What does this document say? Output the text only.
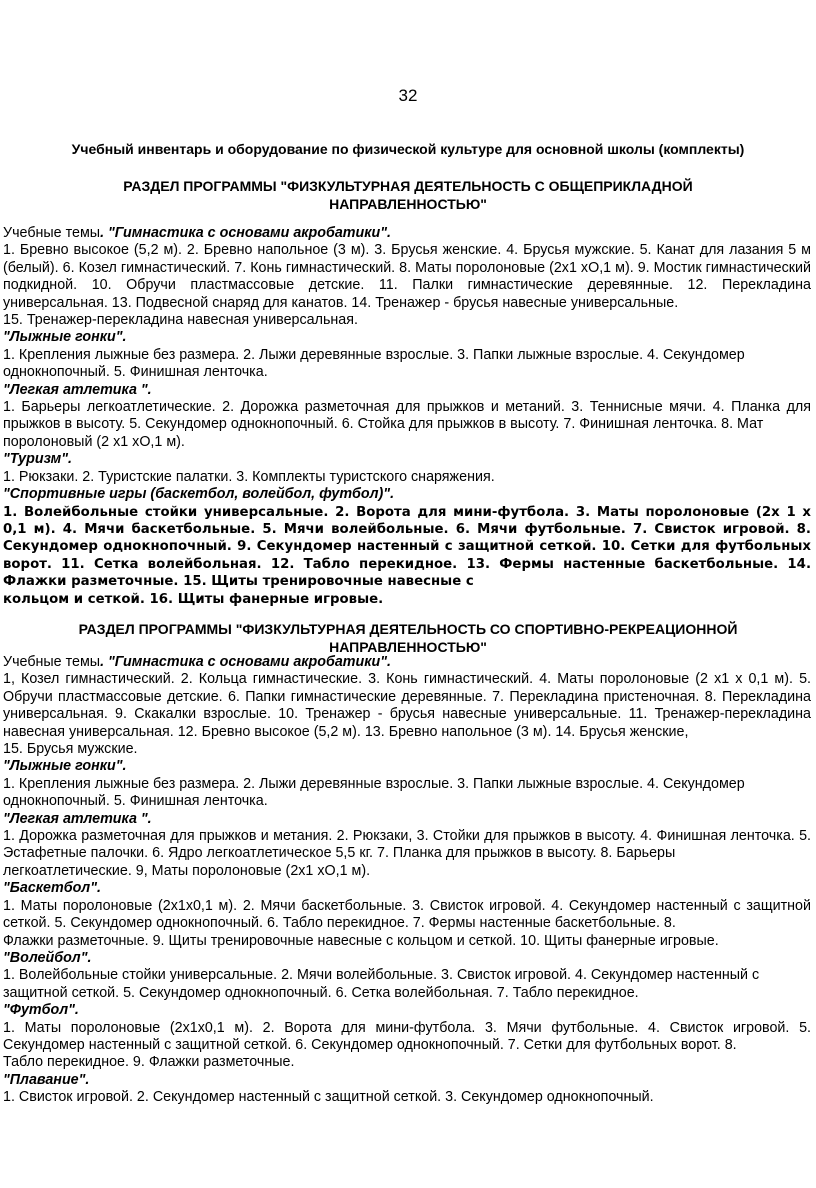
32
Учебный инвентарь и оборудование по физической культуре для основной школы (комплекты)
РАЗДЕЛ ПРОГРАММЫ "ФИЗКУЛЬТУРНАЯ ДЕЯТЕЛЬНОСТЬ С ОБЩЕПРИКЛАДНОЙ
НАПРАВЛЕННОСТЬЮ"

Учебные темы. "Гимнастика с основами акробатики".

1. Бревно высокое (5,2 м). 2. Бревно напольное (3 м). 3. Брусья женские. 4. Брусья мужские. 5. Канат для лазания 5 м (белый). 6. Козел гимнастический. 7. Конь гимнастический. 8. Маты поролоновые (2х1 хО,1 м). 9. Мостик гимнастический подкидной. 10. Обручи пластмассовые детские. 11. Палки гимнастические деревянные. 12. Перекладина универсальная. 13. Подвесной снаряд для канатов. 14. Тренажер - брусья навесные универсальные.

15. Тренажер-перекладина навесная универсальная.

"Лыжные гонки".

1. Крепления лыжные без размера. 2. Лыжи деревянные взрослые. 3. Папки лыжные взрослые. 4. Секундомер

однокнопочный. 5. Финишная ленточка.

"Легкая атлетика ".

1. Барьеры легкоатлетические. 2. Дорожка разметочная для прыжков и метаний. 3. Теннисные мячи. 4. Планка для прыжков в высоту. 5. Секундомер однокнопочный. 6. Стойка для прыжков в высоту. 7. Финишная ленточка. 8. Мат

поролоновый (2 х1 хО,1 м).

"Туризм".

1. Рюкзаки. 2. Туристские палатки. 3. Комплекты туристского снаряжения.

"Спортивные игры (баскетбол, волейбол, футбол)".

1. Волейбольные стойки универсальные. 2. Ворота для мини-футбола. 3. Маты поролоновые (2х 1 х 0,1 м). 4. Мячи баскетбольные. 5. Мячи волейбольные. 6. Мячи футбольные. 7. Свисток игровой. 8. Секундомер однокнопочный. 9. Секундомер настенный с защитной сеткой. 10. Сетки для футбольных ворот. 11. Сетка волейбольная. 12. Табло перекидное. 13. Фермы настенные баскетбольные. 14. Флажки разметочные. 15. Щиты тренировочные навесные с

кольцом и сеткой. 16. Щиты фанерные игровые.

РАЗДЕЛ ПРОГРАММЫ "ФИЗКУЛЬТУРНАЯ ДЕЯТЕЛЬНОСТЬ СО СПОРТИВНО-РЕКРЕАЦИОННОЙ
НАПРАВЛЕННОСТЬЮ"

Учебные темы. "Гимнастика с основами акробатики".

1, Козел гимнастический. 2. Кольца гимнастические. 3. Конь гимнастический. 4. Маты поролоновые (2 х1 х 0,1 м). 5. Обручи пластмассовые детские. 6. Папки гимнастические деревянные. 7. Перекладина пристеночная. 8. Перекладина универсальная. 9. Скакалки взрослые. 10. Тренажер - брусья навесные универсальные. 11. Тренажер-перекладина навесная универсальная. 12. Бревно высокое (5,2 м). 13. Бревно напольное (3 м). 14. Брусья женские,

15. Брусья мужские.

"Лыжные гонки".

1. Крепления лыжные без размера. 2. Лыжи деревянные взрослые. 3. Папки лыжные взрослые. 4. Секундомер

однокнопочный. 5. Финишная ленточка.

"Легкая атлетика ".

1. Дорожка разметочная для прыжков и метания. 2. Рюкзаки, 3. Стойки для прыжков в высоту. 4. Финишная ленточка. 5. Эстафетные палочки. 6. Ядро легкоатлетическое 5,5 кг. 7. Планка для прыжков в высоту. 8. Барьеры

легкоатлетические. 9, Маты поролоновые (2х1 хО,1 м).

"Баскетбол".

1. Маты поролоновые (2х1х0,1 м). 2. Мячи баскетбольные. 3. Свисток игровой. 4. Секундомер настенный с защитной сеткой. 5. Секундомер однокнопочный. 6. Табло перекидное. 7. Фермы настенные баскетбольные. 8.

Флажки разметочные. 9. Щиты тренировочные навесные с кольцом и сеткой. 10. Щиты фанерные игровые.

"Волейбол".

1. Волейбольные стойки универсальные. 2. Мячи волейбольные. 3. Свисток игровой. 4. Секундомер настенный с

защитной сеткой. 5. Секундомер однокнопочный. 6. Сетка волейбольная. 7. Табло перекидное.

"Футбол".

1. Маты поролоновые (2х1х0,1 м). 2. Ворота для мини-футбола. 3. Мячи футбольные. 4. Свисток игровой. 5. Секундомер настенный с защитной сеткой. 6. Секундомер однокнопочный. 7. Сетки для футбольных ворот. 8.

Табло перекидное. 9. Флажки разметочные.

"Плавание".

1. Свисток игровой. 2. Секундомер настенный с защитной сеткой. 3. Секундомер однокнопочный.
